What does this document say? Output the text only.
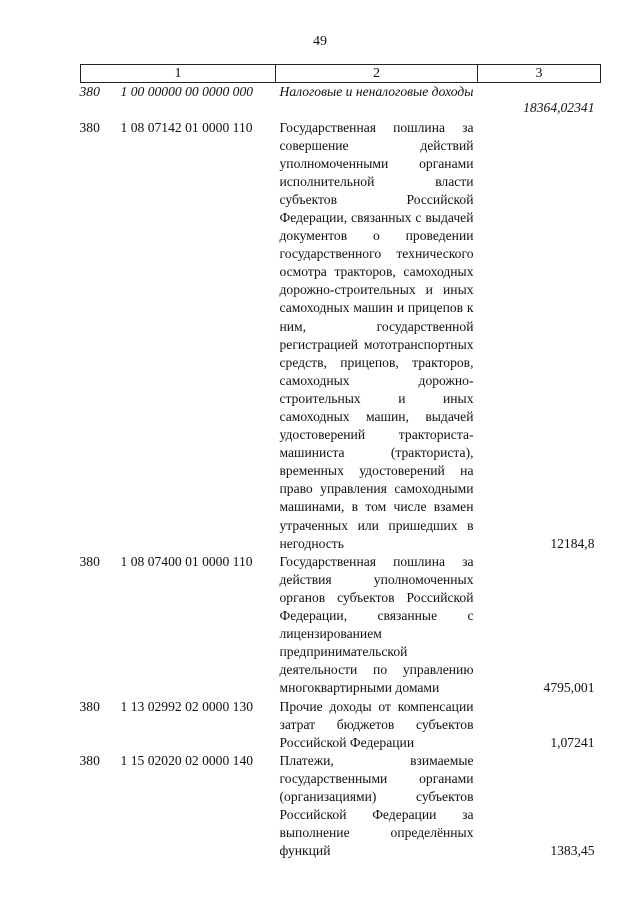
49
1	2	3

380 1 00 00000 00 0000 000	Налоговые и неналоговые доходы	18364,02341

380 1 08 07142 01 0000 110	Государственная пошлина за совершение действий уполномоченными органами исполнительной власти субъектов Российской Федерации, связанных с выдачей документов о проведении государственного технического осмотра тракторов, самоходных дорожно-строительных и иных самоходных машин и прицепов к ним, государственной регистрацией мототранспортных средств, прицепов, тракторов, самоходных дорожно-строительных и иных самоходных машин, выдачей удостоверений тракториста-машиниста (тракториста), временных удостоверений на право управления самоходными машинами, в том числе взамен утраченных или пришедших в негодность	12184,8

380 1 08 07400 01 0000 110	Государственная пошлина за действия уполномоченных органов субъектов Российской Федерации, связанные с лицензированием предпринимательской деятельности по управлению многоквартирными домами	4795,001

380 1 13 02992 02 0000 130	Прочие доходы от компенсации затрат бюджетов субъектов Российской Федерации	1,07241

380 1 15 02020 02 0000 140	Платежи, взимаемые государственными органами (организациями) субъектов Российской Федерации за выполнение определённых функций	1383,45
